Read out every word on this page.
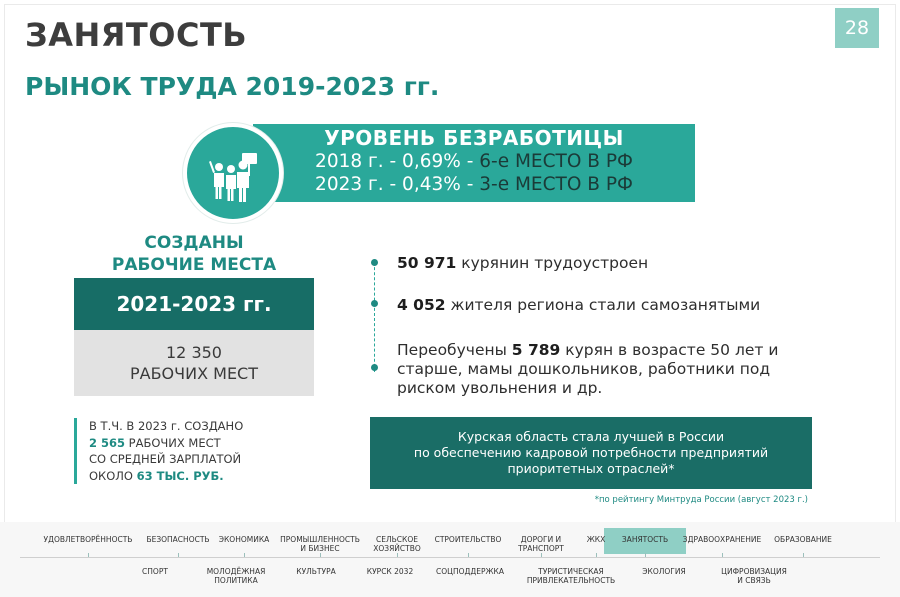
28
ЗАНЯТОСТЬ
РЫНОК ТРУДА 2019-2023 гг.
УРОВЕНЬ БЕЗРАБОТИЦЫ
2018 г. - 0,69% - 6-е МЕСТО В РФ
2023 г. - 0,43% - 3-е МЕСТО В РФ
СОЗДАНЫ
РАБОЧИЕ МЕСТА
2021-2023 гг.
12 350
РАБОЧИХ МЕСТ
В Т.Ч. В 2023 г. СОЗДАНО
2 565 РАБОЧИХ МЕСТ
СО СРЕДНЕЙ ЗАРПЛАТОЙ
ОКОЛО 63 ТЫС. РУБ.
50 971 курянин трудоустроен
4 052 жителя региона стали самозанятыми
Переобучены 5 789 курян в возрасте 50 лет и
старше, мамы дошкольников, работники под
риском увольнения и др.
Курская область стала лучшей в России
по обеспечению кадровой потребности предприятий
приоритетных отраслей*
*по рейтингу Минтруда России (август 2023 г.)
УДОВЛЕТВОРЁННОСТЬ БЕЗОПАСНОСТЬ ЭКОНОМИКА ПРОМЫШЛЕННОСТЬ
И БИЗНЕС
СЕЛЬСКОЕ
ХОЗЯЙСТВО
СТРОИТЕЛЬСТВО	ДОРОГИ И
ТРАНСПОРТ
ЖКХ ЗАНЯТОСТЬ ЗДРАВООХРАНЕНИЕ ОБРАЗОВАНИЕ
СПОРТ	МОЛОДЁЖНАЯ
ПОЛИТИКА
КУЛЬТУРА	КУРСК 2032	СОЦПОДДЕРЖКА	ТУРИСТИЧЕСКАЯ
ПРИВЛЕКАТЕЛЬНОСТЬ
ЭКОЛОГИЯ	ЦИФРОВИЗАЦИЯ
И СВЯЗЬ
